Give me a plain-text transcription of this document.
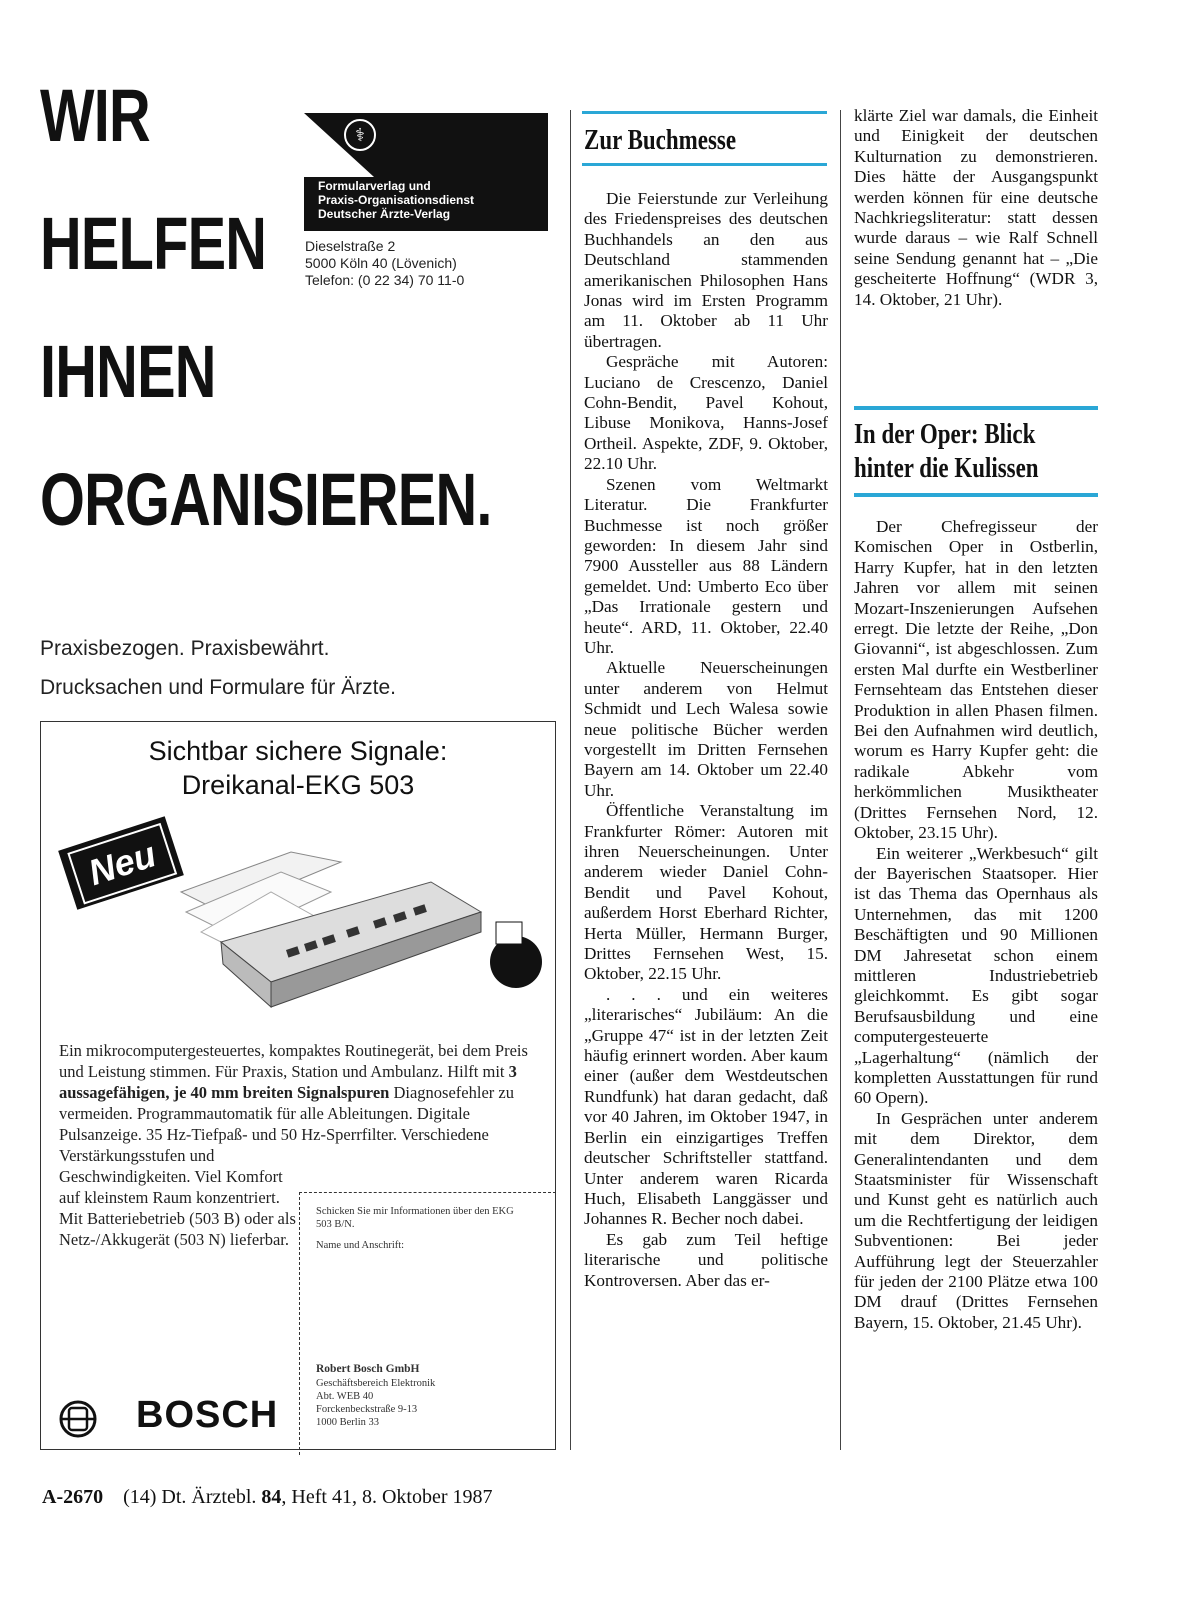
WIR
HELFEN
IHNEN
ORGANISIEREN.
⚕
Formularverlag und
Praxis-Organisationsdienst
Deutscher Ärzte-Verlag
Dieselstraße 2
5000 Köln 40 (Lövenich)
Telefon: (0 22 34) 70 11-0
Praxisbezogen. Praxisbewährt.
Drucksachen und Formulare für Ärzte.
Sichtbar sichere Signale:
Dreikanal-EKG 503
Neu
Ein mikrocomputergesteuertes, kompaktes Routinegerät, bei dem Preis und Leistung stimmen. Für Praxis, Station und Ambulanz. Hilft mit 3 aussagefähigen, je 40 mm breiten Signalspuren Diagnosefehler zu vermeiden. Programmautomatik für alle Ableitungen. Digitale Pulsanzeige. 35 Hz-Tiefpaß- und 50 Hz-Sperrfilter. Verschiedene Verstärkungsstufen und
Geschwindigkeiten. Viel Komfort auf kleinstem Raum konzentriert. Mit Batteriebetrieb (503 B) oder als Netz-/Akkugerät (503 N) lieferbar.
Schicken Sie mir Informationen über den EKG 503 B/N.
Name und Anschrift:
Robert Bosch GmbH
Geschäftsbereich Elektronik
Abt. WEB 40
Forckenbeckstraße 9-13
1000 Berlin 33
BOSCH
Zur Buchmesse

Die Feierstunde zur Verleihung des Friedenspreises des deutschen Buchhandels an den aus Deutschland stammenden amerikanischen Philosophen Hans Jonas wird im Ersten Programm am 11. Oktober ab 11 Uhr übertragen.

Gespräche mit Autoren: Luciano de Crescenzo, Daniel Cohn-Bendit, Pavel Kohout, Libuse Monikova, Hanns-Josef Ortheil. Aspekte, ZDF, 9. Oktober, 22.10 Uhr.

Szenen vom Weltmarkt Literatur. Die Frankfurter Buchmesse ist noch größer geworden: In diesem Jahr sind 7900 Aussteller aus 88 Ländern gemeldet. Und: Umberto Eco über „Das Irrationale gestern und heute“. ARD, 11. Oktober, 22.40 Uhr.

Aktuelle Neuerscheinungen unter anderem von Helmut Schmidt und Lech Walesa sowie neue politische Bücher werden vorgestellt im Dritten Fernsehen Bayern am 14. Oktober um 22.40 Uhr.

Öffentliche Veranstaltung im Frankfurter Römer: Autoren mit ihren Neuerscheinungen. Unter anderem wieder Daniel Cohn-Bendit und Pavel Kohout, außerdem Horst Eberhard Richter, Herta Müller, Hermann Burger, Drittes Fernsehen West, 15. Oktober, 22.15 Uhr.

. . . und ein weiteres „literarisches“ Jubiläum: An die „Gruppe 47“ ist in der letzten Zeit häufig erinnert worden. Aber kaum einer (außer dem Westdeutschen Rundfunk) hat daran gedacht, daß vor 40 Jahren, im Oktober 1947, in Berlin ein einzigartiges Treffen deutscher Schriftsteller stattfand. Unter anderem waren Ricarda Huch, Elisabeth Langgässer und Johannes R. Becher noch dabei.

Es gab zum Teil heftige literarische und politische Kontroversen. Aber das er-

klärte Ziel war damals, die Einheit und Einigkeit der deutschen Kulturnation zu demonstrieren. Dies hätte der Ausgangspunkt werden können für eine deutsche Nachkriegsliteratur: statt dessen wurde daraus – wie Ralf Schnell seine Sendung genannt hat – „Die gescheiterte Hoffnung“ (WDR 3, 14. Oktober, 21 Uhr).

In der Oper: Blick
hinter die Kulissen

Der Chefregisseur der Komischen Oper in Ostberlin, Harry Kupfer, hat in den letzten Jahren vor allem mit seinen Mozart-Inszenierungen Aufsehen erregt. Die letzte der Reihe, „Don Giovanni“, ist abgeschlossen. Zum ersten Mal durfte ein Westberliner Fernsehteam das Entstehen dieser Produktion in allen Phasen filmen. Bei den Aufnahmen wird deutlich, worum es Harry Kupfer geht: die radikale Abkehr vom herkömmlichen Musiktheater (Drittes Fernsehen Nord, 12. Oktober, 23.15 Uhr).

Ein weiterer „Werkbesuch“ gilt der Bayerischen Staatsoper. Hier ist das Thema das Opernhaus als Unternehmen, das mit 1200 Beschäftigten und 90 Millionen DM Jahresetat schon einem mittleren Industriebetrieb gleichkommt. Es gibt sogar Berufsausbildung und eine computergesteuerte „Lagerhaltung“ (nämlich der kompletten Ausstattungen für rund 60 Opern).

In Gesprächen unter anderem mit dem Direktor, dem Generalintendanten und dem Staatsminister für Wissenschaft und Kunst geht es natürlich auch um die Rechtfertigung der leidigen Subventionen: Bei jeder Aufführung legt der Steuerzahler für jeden der 2100 Plätze etwa 100 DM drauf (Drittes Fernsehen Bayern, 15. Oktober, 21.45 Uhr).

A-2670 (14) Dt. Ärztebl. 84, Heft 41, 8. Oktober 1987
